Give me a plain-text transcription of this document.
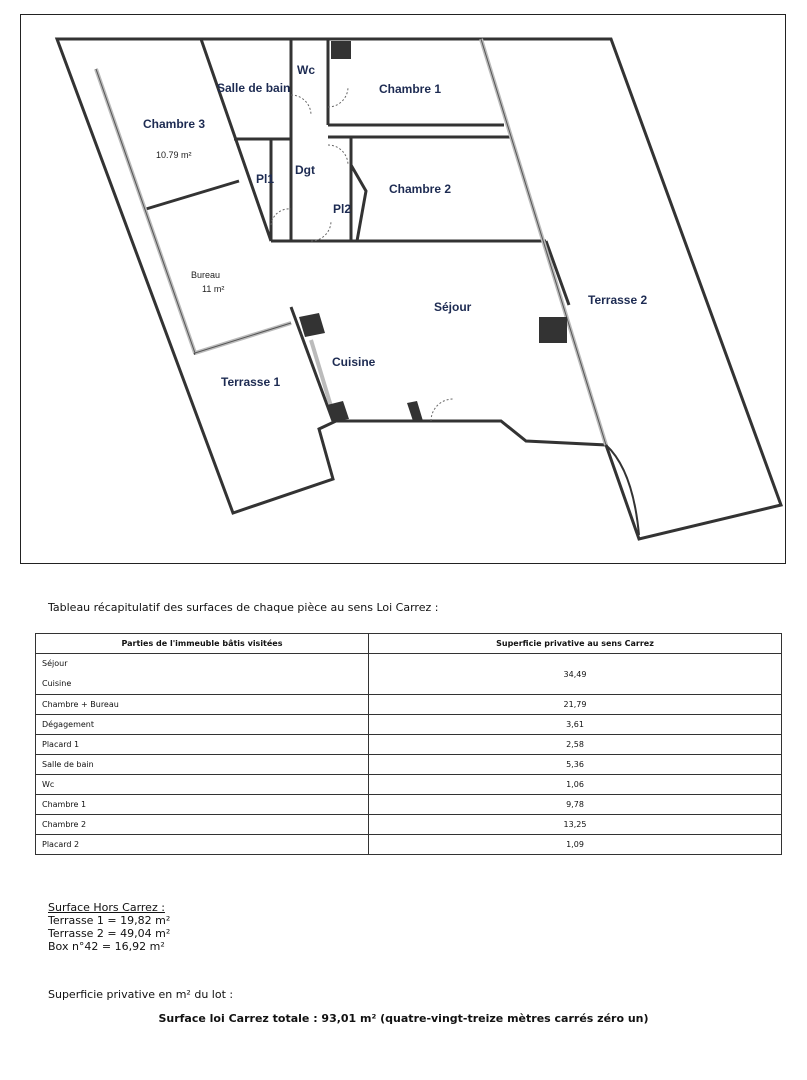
Salle de bain
Wc
Chambre 1
Chambre 3
10.79 m²
Pl1
Dgt
Chambre 2
Pl2
Bureau
11 m²
Séjour	Terrasse 2
Cuisine
Terrasse 1
Tableau récapitulatif des surfaces de chaque pièce au sens Loi Carrez :
Parties de l'immeuble bâtis visitées	Superficie privative au sens Carrez

Séjour
Cuisine	34,49
Chambre + Bureau	21,79
Dégagement	3,61
Placard 1	2,58
Salle de bain	5,36
Wc	1,06
Chambre 1	9,78
Chambre 2	13,25
Placard 2	1,09
Surface Hors Carrez :
Terrasse 1 = 19,82 m²
Terrasse 2 = 49,04 m²
Box n°42 = 16,92 m²
Superficie privative en m² du lot :
Surface loi Carrez totale : 93,01 m² (quatre-vingt-treize mètres carrés zéro un)
